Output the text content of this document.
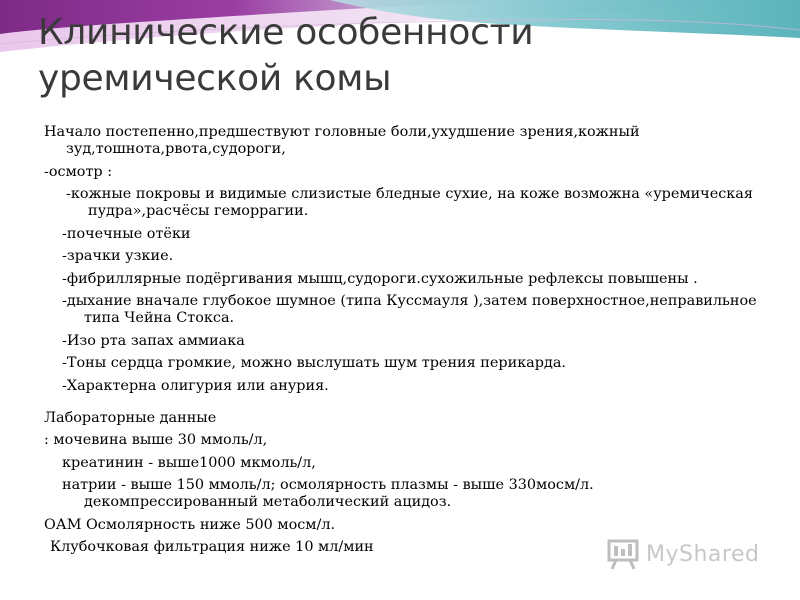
Клинические особенности
уремической комы

Начало постепенно,предшествуют головные боли,ухудшение зрения,кожный зуд,тошнота,рвота,судороги,

-осмотр :

-кожные покровы и видимые слизистые бледные сухие, на коже возможна «уремическая пудра»,расчёсы геморрагии.

-почечные отёки

-зрачки узкие.

-фибриллярные подёргивания мышц,судороги.сухожильные рефлексы повышены .

-дыхание вначале глубокое шумное (типа Куссмауля ),затем поверхностное,неправильное типа Чейна Стокса.

-Изо рта запах аммиака

-Тоны сердца громкие, можно выслушать шум трения перикарда.

-Характерна олигурия или анурия.

Лабораторные данные

: мочевина выше 30 ммоль/л,

креатинин - выше1000 мкмоль/л,

натрии - выше 150 ммоль/л; осмолярность плазмы - выше 330мосм/л. декомпрессированный метаболический ацидоз.

ОАМ Осмолярность ниже 500 мосм/л.

Клубочковая фильтрация ниже 10 мл/мин	MyShared
